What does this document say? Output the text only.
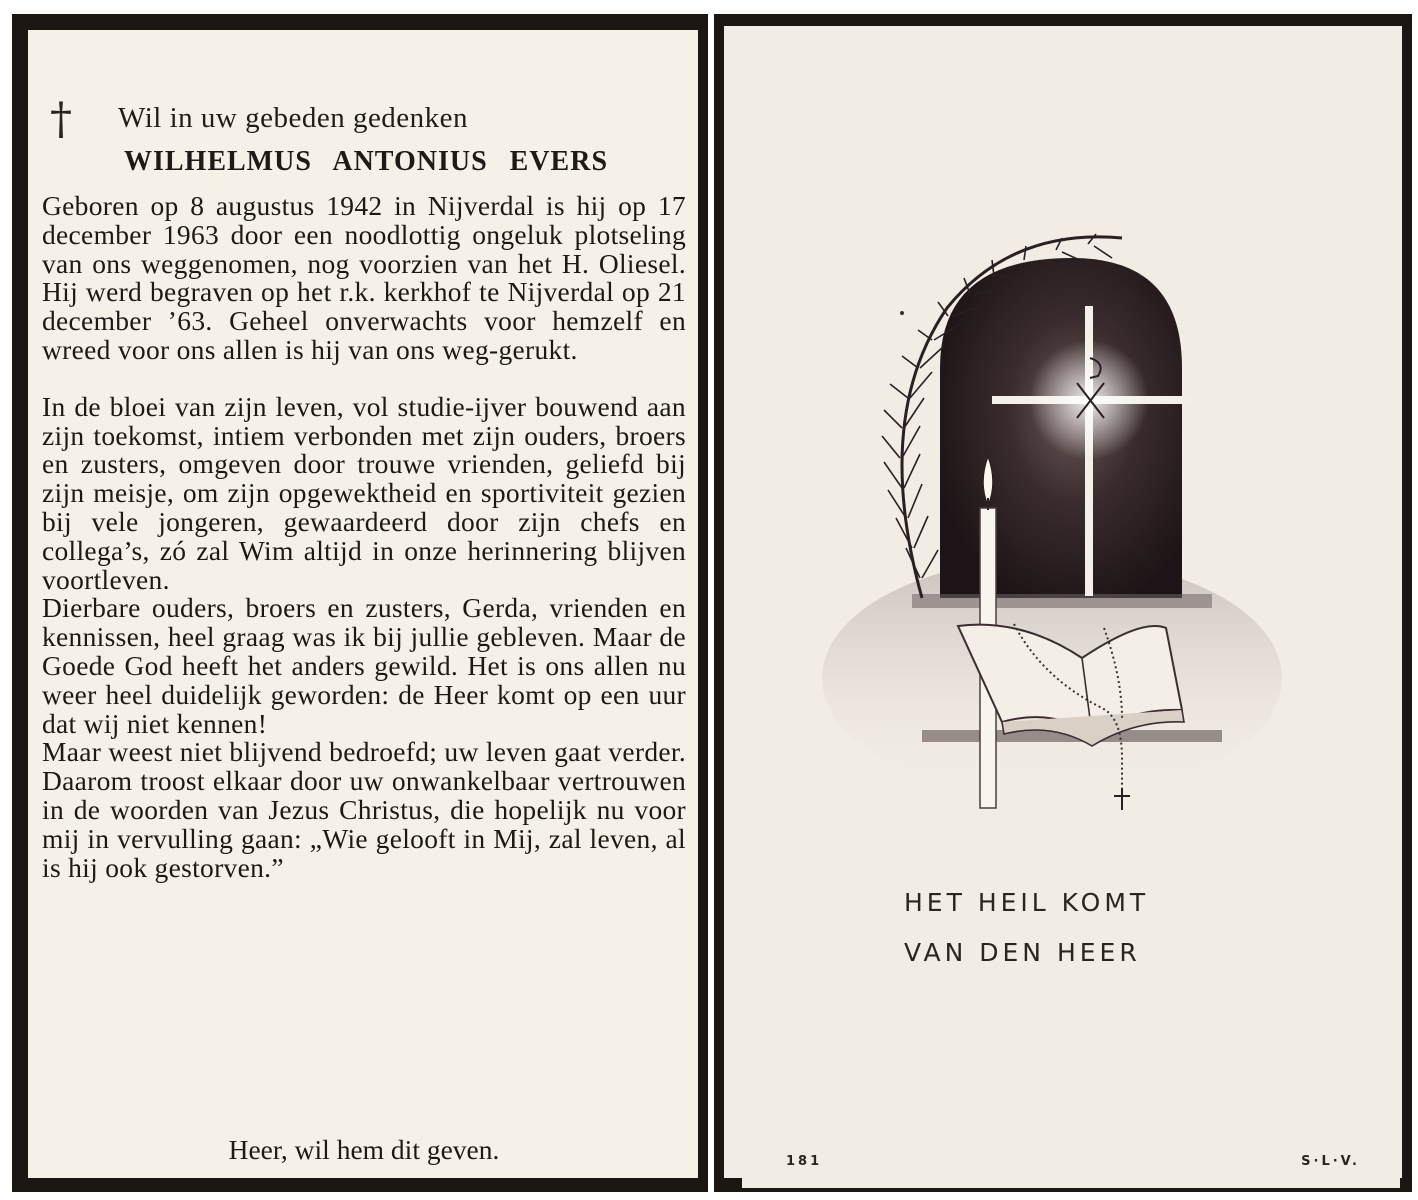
† Wil in uw gebeden gedenken
WILHELMUS ANTONIUS EVERS

Geboren op 8 augustus 1942 in Nijverdal is hij op 17 december 1963 door een noodlottig ongeluk plotseling van ons weggenomen, nog voorzien van het H. Oliesel. Hij werd begraven op het r.k. kerkhof te Nijverdal op 21 december ’63. Geheel onverwachts voor hemzelf en wreed voor ons allen is hij van ons weg-gerukt.

In de bloei van zijn leven, vol studie-ijver bouwend aan zijn toekomst, intiem verbonden met zijn ouders, broers en zusters, omgeven door trouwe vrienden, geliefd bij zijn meisje, om zijn opgewektheid en sportiviteit gezien bij vele jongeren, gewaardeerd door zijn chefs en collega’s, zó zal Wim altijd in onze herinnering blijven voortleven.

Dierbare ouders, broers en zusters, Gerda, vrienden en kennissen, heel graag was ik bij jullie gebleven. Maar de Goede God heeft het anders gewild. Het is ons allen nu weer heel duidelijk geworden: de Heer komt op een uur dat wij niet kennen!

Maar weest niet blijvend bedroefd; uw leven gaat verder. Daarom troost elkaar door uw onwankelbaar vertrouwen in de woorden van Jezus Christus, die hopelijk nu voor mij in vervulling gaan: „Wie gelooft in Mij, zal leven, al is hij ook gestorven.”

Heer, wil hem dit geven.
HET HEIL KOMT
VAN DEN HEER
181	S·L·V.
